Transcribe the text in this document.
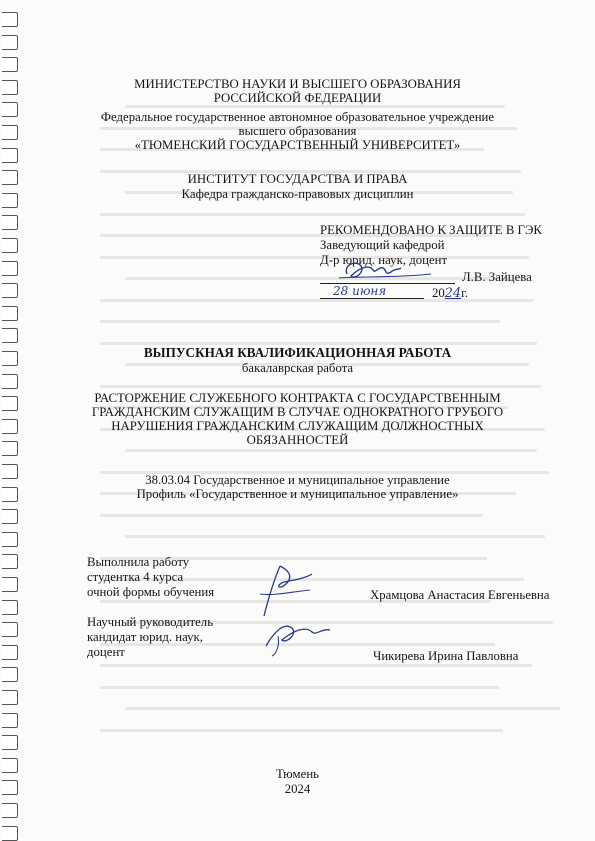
МИНИСТЕРСТВО НАУКИ И ВЫСШЕГО ОБРАЗОВАНИЯ
РОССИЙСКОЙ ФЕДЕРАЦИИ
Федеральное государственное автономное образовательное учреждение
высшего образования
«ТЮМЕНСКИЙ ГОСУДАРСТВЕННЫЙ УНИВЕРСИТЕТ»
ИНСТИТУТ ГОСУДАРСТВА И ПРАВА
Кафедра гражданско-правовых дисциплин
РЕКОМЕНДОВАНО К ЗАЩИТЕ В ГЭК
Заведующий кафедрой
Д-р юрид. наук, доцент
Л.В. Зайцева
28 июня	2024г.
ВЫПУСКНАЯ КВАЛИФИКАЦИОННАЯ РАБОТА
бакалаврская работа
РАСТОРЖЕНИЕ СЛУЖЕБНОГО КОНТРАКТА С ГОСУДАРСТВЕННЫМ
ГРАЖДАНСКИМ СЛУЖАЩИМ В СЛУЧАЕ ОДНОКРАТНОГО ГРУБОГО
НАРУШЕНИЯ ГРАЖДАНСКИМ СЛУЖАЩИМ ДОЛЖНОСТНЫХ
ОБЯЗАННОСТЕЙ
38.03.04 Государственное и муниципальное управление
Профиль «Государственное и муниципальное управление»
Выполнила работу
студентка 4 курса
очной формы обучения	Храмцова Анастасия Евгеньевна
Научный руководитель
кандидат юрид. наук,
доцент	Чикирева Ирина Павловна
Тюмень
2024
